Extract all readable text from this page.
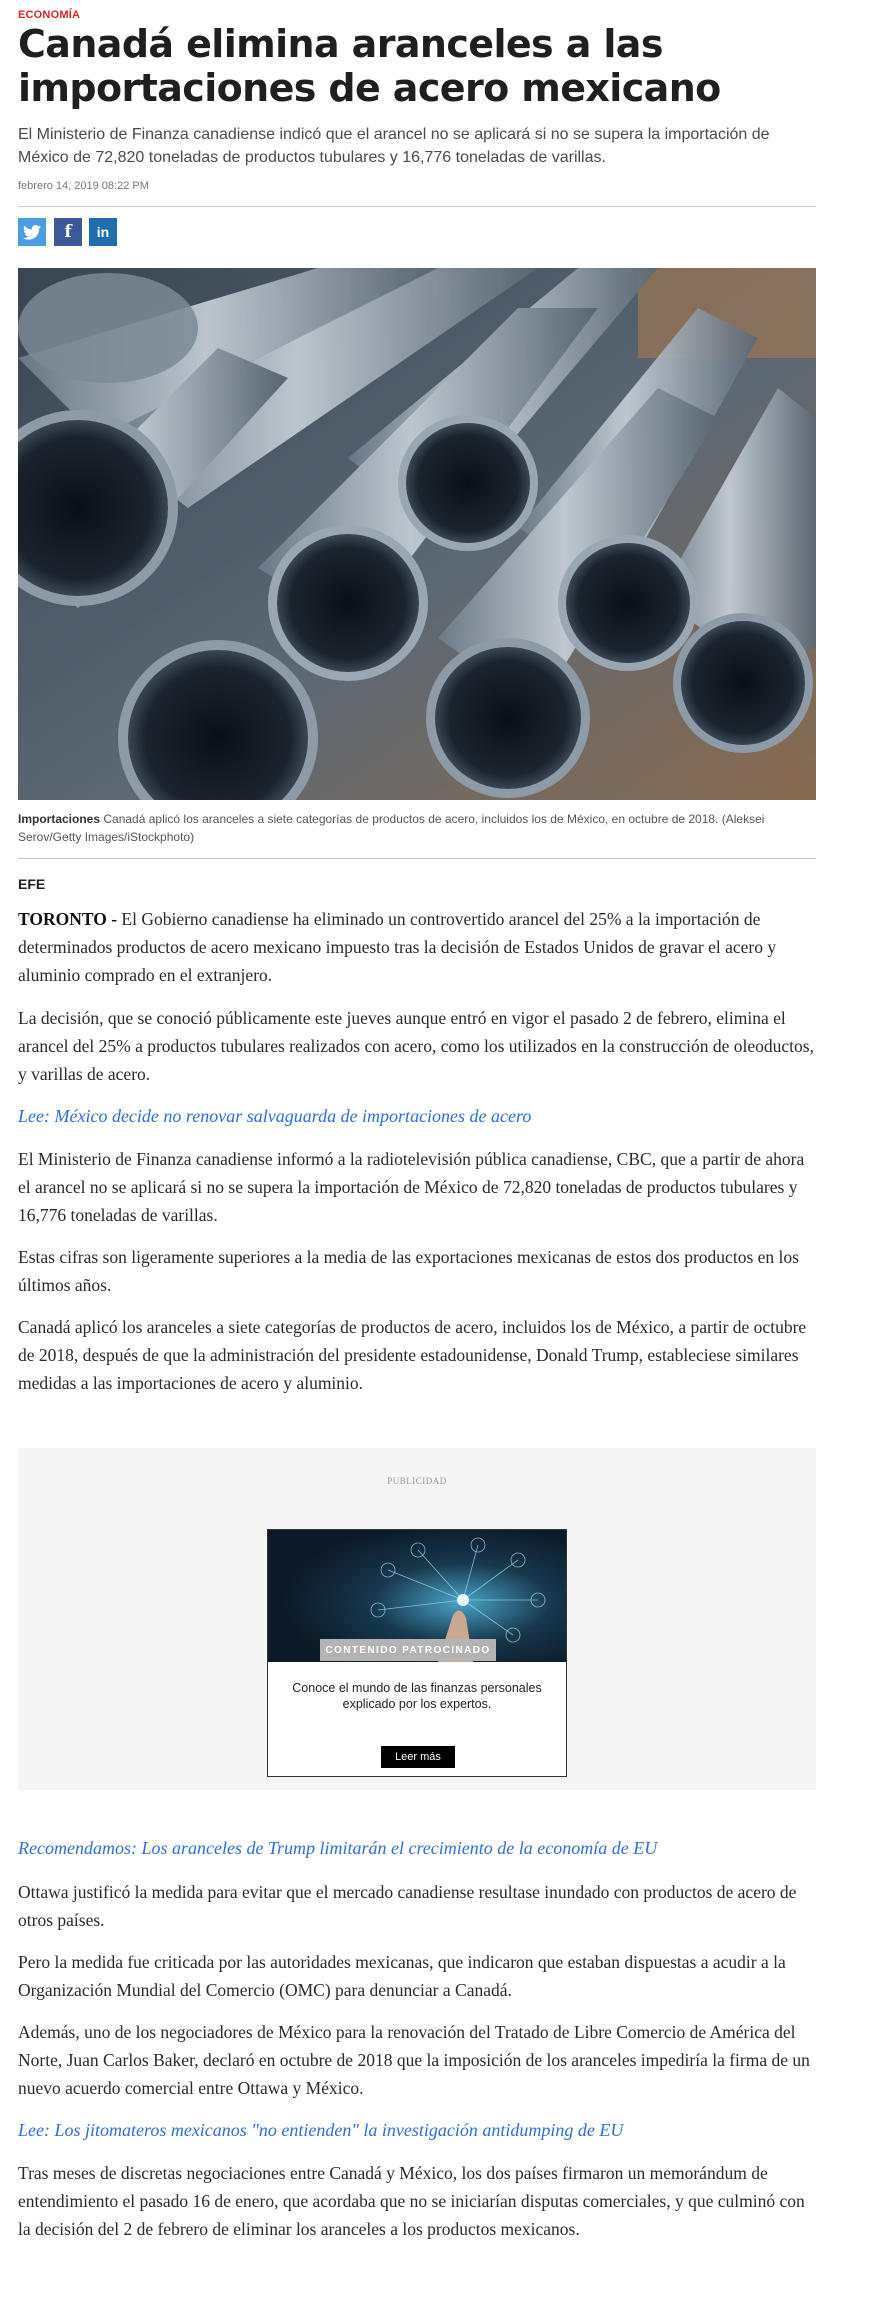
ECONOMÍA
Canadá elimina aranceles a las importaciones de acero mexicano
El Ministerio de Finanza canadiense indicó que el arancel no se aplicará si no se supera la importación de México de 72,820 toneladas de productos tubulares y 16,776 toneladas de varillas.
febrero 14, 2019 08:22 PM
f in
Importaciones Canadá aplicó los aranceles a siete categorías de productos de acero, incluidos los de México, en octubre de 2018. (Aleksei Serov/Getty Images/iStockphoto)
EFE

TORONTO - El Gobierno canadiense ha eliminado un controvertido arancel del 25% a la importación de determinados productos de acero mexicano impuesto tras la decisión de Estados Unidos de gravar el acero y aluminio comprado en el extranjero.

La decisión, que se conoció públicamente este jueves aunque entró en vigor el pasado 2 de febrero, elimina el arancel del 25% a productos tubulares realizados con acero, como los utilizados en la construcción de oleoductos, y varillas de acero.

Lee: México decide no renovar salvaguarda de importaciones de acero

El Ministerio de Finanza canadiense informó a la radiotelevisión pública canadiense, CBC, que a partir de ahora el arancel no se aplicará si no se supera la importación de México de 72,820 toneladas de productos tubulares y 16,776 toneladas de varillas.

Estas cifras son ligeramente superiores a la media de las exportaciones mexicanas de estos dos productos en los últimos años.

Canadá aplicó los aranceles a siete categorías de productos de acero, incluidos los de México, a partir de octubre de 2018, después de que la administración del presidente estadounidense, Donald Trump, estableciese similares medidas a las importaciones de acero y aluminio.

PUBLICIDAD
CONTENIDO PATROCINADO
Conoce el mundo de las finanzas personales explicado por los expertos.
Leer más
Recomendamos: Los aranceles de Trump limitarán el crecimiento de la economía de EU

Ottawa justificó la medida para evitar que el mercado canadiense resultase inundado con productos de acero de otros países.

Pero la medida fue criticada por las autoridades mexicanas, que indicaron que estaban dispuestas a acudir a la Organización Mundial del Comercio (OMC) para denunciar a Canadá.

Además, uno de los negociadores de México para la renovación del Tratado de Libre Comercio de América del Norte, Juan Carlos Baker, declaró en octubre de 2018 que la imposición de los aranceles impediría la firma de un nuevo acuerdo comercial entre Ottawa y México.

Lee: Los jitomateros mexicanos "no entienden" la investigación antidumping de EU

Tras meses de discretas negociaciones entre Canadá y México, los dos países firmaron un memorándum de entendimiento el pasado 16 de enero, que acordaba que no se iniciarían disputas comerciales, y que culminó con la decisión del 2 de febrero de eliminar los aranceles a los productos mexicanos.
